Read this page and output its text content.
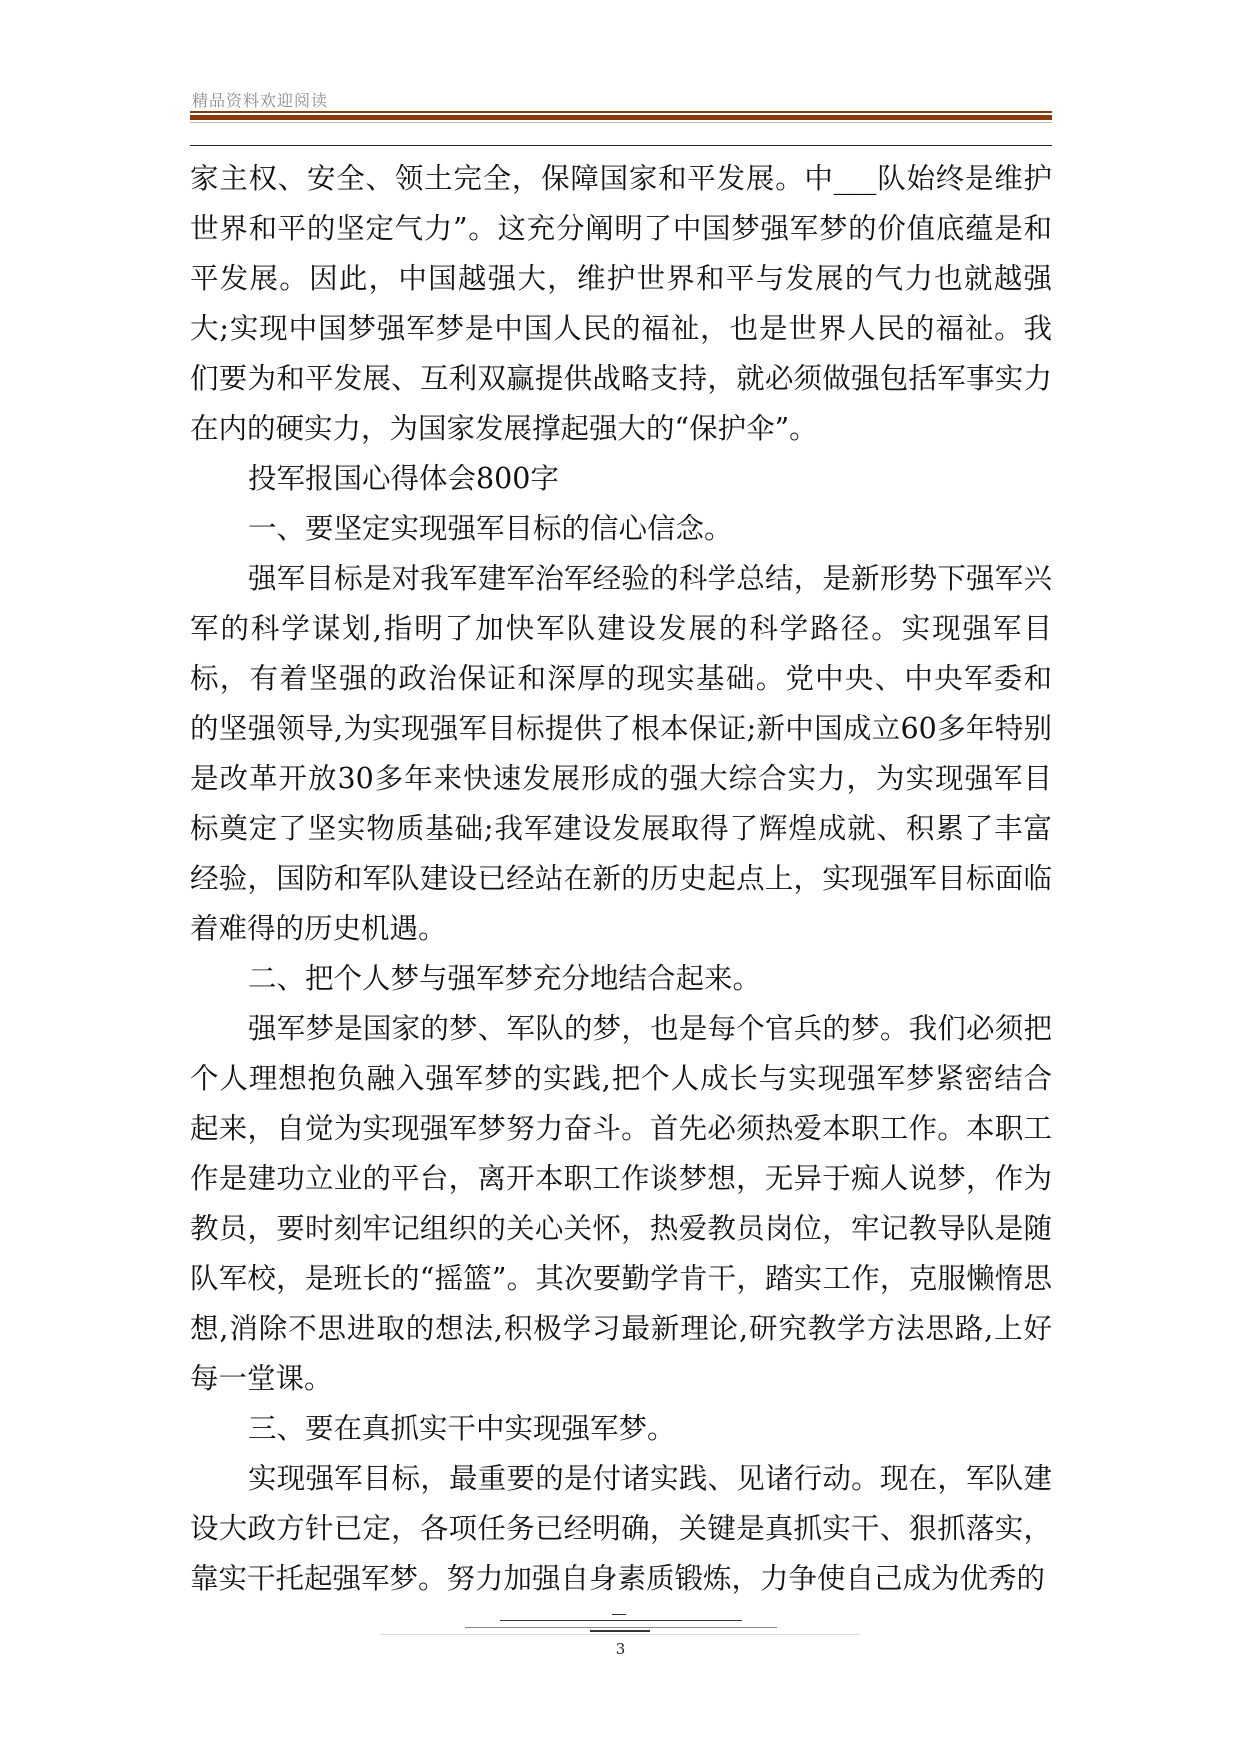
精品资料欢迎阅读

家主权、安全、领土完全，保障国家和平发展。中___队始终是维护世界和平的坚定气力”。这充分阐明了中国梦强军梦的价值底蕴是和平发展。因此，中国越强大，维护世界和平与发展的气力也就越强大;实现中国梦强军梦是中国人民的福祉，也是世界人民的福祉。我们要为和平发展、互利双赢提供战略支持，就必须做强包括军事实力在内的硬实力，为国家发展撑起强大的“保护伞”。

投军报国心得体会800字

一、要坚定实现强军目标的信心信念。

强军目标是对我军建军治军经验的科学总结，是新形势下强军兴军的科学谋划,指明了加快军队建设发展的科学路径。实现强军目标，有着坚强的政治保证和深厚的现实基础。党中央、中央军委和 的坚强领导,为实现强军目标提供了根本保证;新中国成立60多年特别是改革开放30多年来快速发展形成的强大综合实力，为实现强军目标奠定了坚实物质基础;我军建设发展取得了辉煌成就、积累了丰富经验，国防和军队建设已经站在新的历史起点上，实现强军目标面临着难得的历史机遇。

二、把个人梦与强军梦充分地结合起来。

强军梦是国家的梦、军队的梦，也是每个官兵的梦。我们必须把个人理想抱负融入强军梦的实践,把个人成长与实现强军梦紧密结合起来，自觉为实现强军梦努力奋斗。首先必须热爱本职工作。本职工作是建功立业的平台，离开本职工作谈梦想，无异于痴人说梦，作为教员，要时刻牢记组织的关心关怀，热爱教员岗位，牢记教导队是随队军校，是班长的“摇篮”。其次要勤学肯干，踏实工作，克服懒惰思想,消除不思进取的想法,积极学习最新理论,研究教学方法思路,上好每一堂课。

三、要在真抓实干中实现强军梦。

实现强军目标，最重要的是付诸实践、见诸行动。现在，军队建设大政方针已定，各项任务已经明确，关键是真抓实干、狠抓落实，靠实干托起强军梦。努力加强自身素质锻炼，力争使自己成为优秀的

3
